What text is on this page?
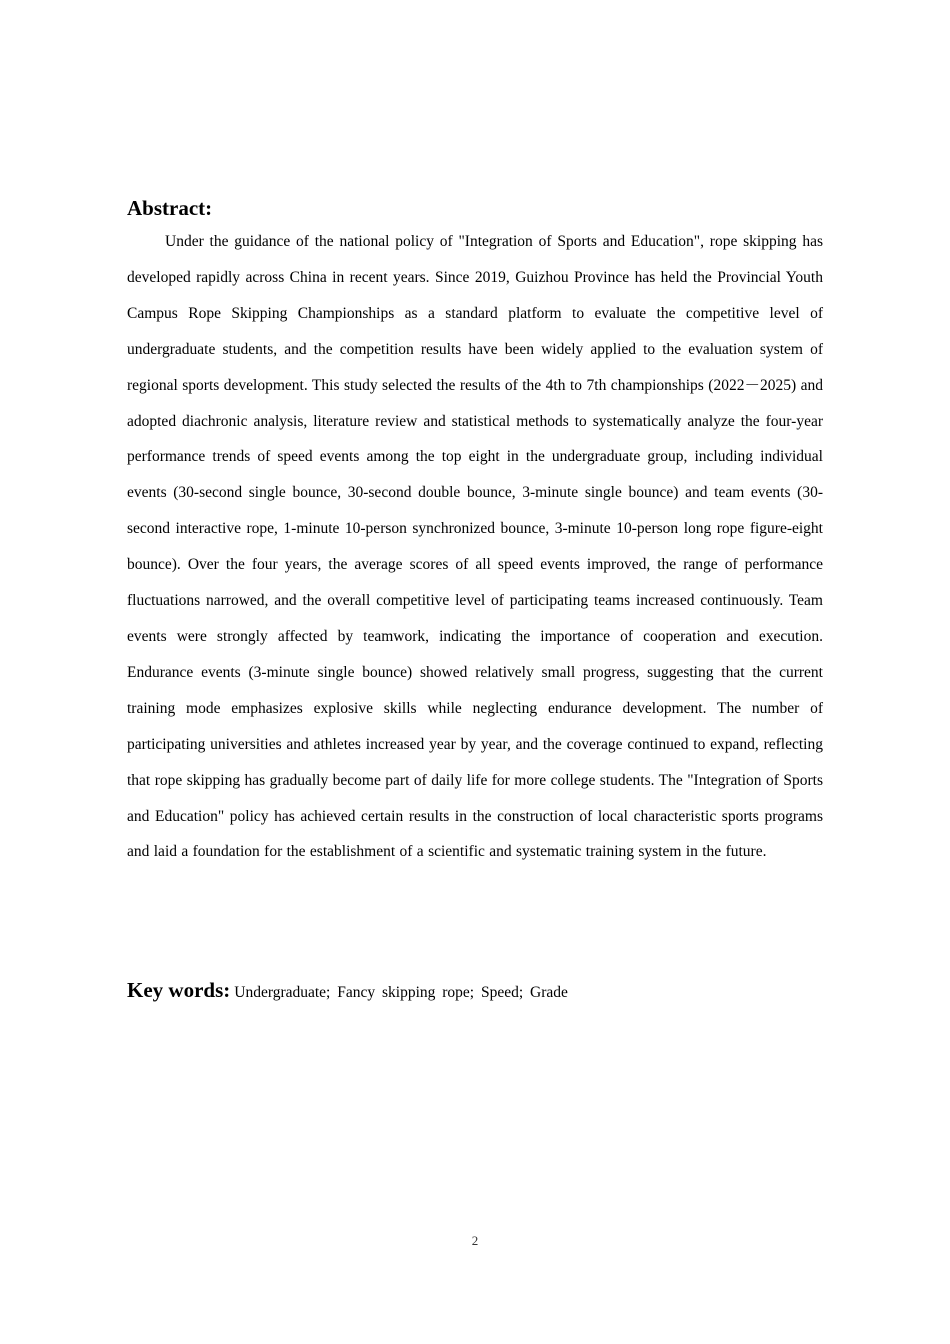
Abstract:

Under the guidance of the national policy of "Integration of Sports and Education", rope skipping has developed rapidly across China in recent years. Since 2019, Guizhou Province has held the Provincial Youth Campus Rope Skipping Championships as a standard platform to evaluate the competitive level of undergraduate students, and the competition results have been widely applied to the evaluation system of regional sports development. This study selected the results of the 4th to 7th championships (2022－2025) and adopted diachronic analysis, literature review and statistical methods to systematically analyze the four-year performance trends of speed events among the top eight in the undergraduate group, including individual events (30-second single bounce, 30-second double bounce, 3-minute single bounce) and team events (30-second interactive rope, 1-minute 10-person synchronized bounce, 3-minute 10-person long rope figure-eight bounce). Over the four years, the average scores of all speed events improved, the range of performance fluctuations narrowed, and the overall competitive level of participating teams increased continuously. Team events were strongly affected by teamwork, indicating the importance of cooperation and execution. Endurance events (3-minute single bounce) showed relatively small progress, suggesting that the current training mode emphasizes explosive skills while neglecting endurance development. The number of participating universities and athletes increased year by year, and the coverage continued to expand, reflecting that rope skipping has gradually become part of daily life for more college students. The "Integration of Sports and Education" policy has achieved certain results in the construction of local characteristic sports programs and laid a foundation for the establishment of a scientific and systematic training system in the future.

Key words: Undergraduate; Fancy skipping rope; Speed; Grade

2
